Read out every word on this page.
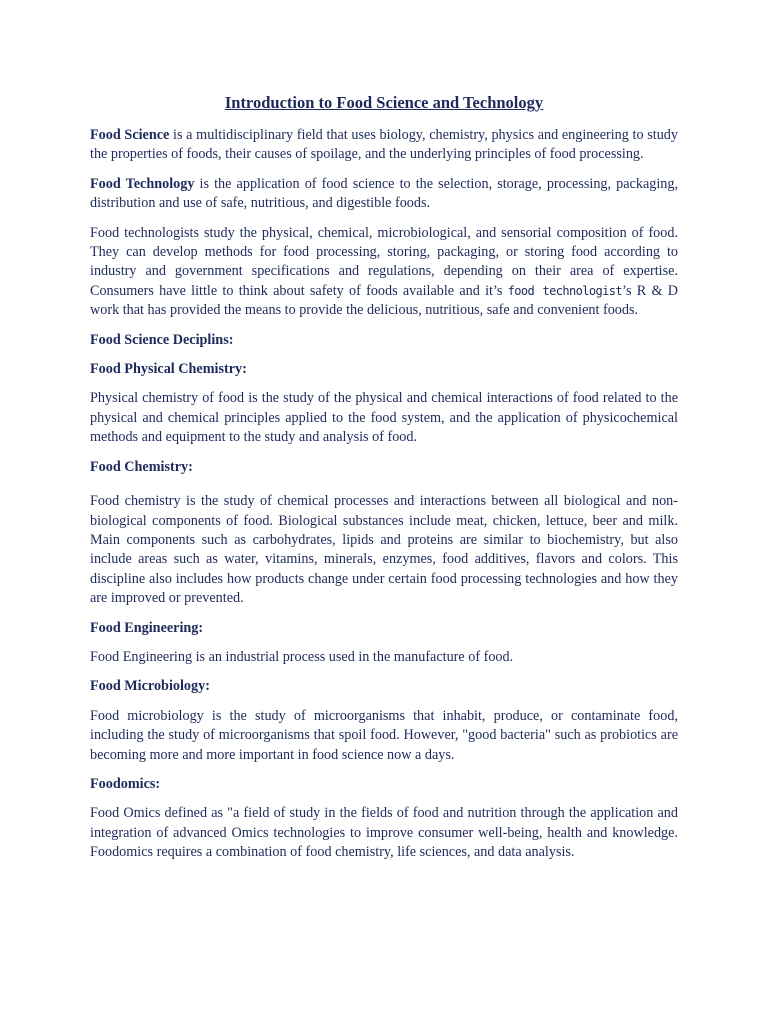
Introduction to Food Science and Technology

Food Science is a multidisciplinary field that uses biology, chemistry, physics and engineering to study the properties of foods, their causes of spoilage, and the underlying principles of food processing.

Food Technology is the application of food science to the selection, storage, processing, packaging, distribution and use of safe, nutritious, and digestible foods.

Food technologists study the physical, chemical, microbiological, and sensorial composition of food. They can develop methods for food processing, storing, packaging, or storing food according to industry and government specifications and regulations, depending on their area of expertise. Consumers have little to think about safety of foods available and it’s food technologist’s R & D work that has provided the means to provide the delicious, nutritious, safe and convenient foods.

Food Science Deciplins:
Food Physical Chemistry:

Physical chemistry of food is the study of the physical and chemical interactions of food related to the physical and chemical principles applied to the food system, and the application of physicochemical methods and equipment to the study and analysis of food.

Food Chemistry:

Food chemistry is the study of chemical processes and interactions between all biological and non-biological components of food. Biological substances include meat, chicken, lettuce, beer and milk. Main components such as carbohydrates, lipids and proteins are similar to biochemistry, but also include areas such as water, vitamins, minerals, enzymes, food additives, flavors and colors. This discipline also includes how products change under certain food processing technologies and how they are improved or prevented.

Food Engineering:

Food Engineering is an industrial process used in the manufacture of food.

Food Microbiology:

Food microbiology is the study of microorganisms that inhabit, produce, or contaminate food, including the study of microorganisms that spoil food. However, "good bacteria" such as probiotics are becoming more and more important in food science now a days.

Foodomics:

Food Omics defined as "a field of study in the fields of food and nutrition through the application and integration of advanced Omics technologies to improve consumer well-being, health and knowledge. Foodomics requires a combination of food chemistry, life sciences, and data analysis.
